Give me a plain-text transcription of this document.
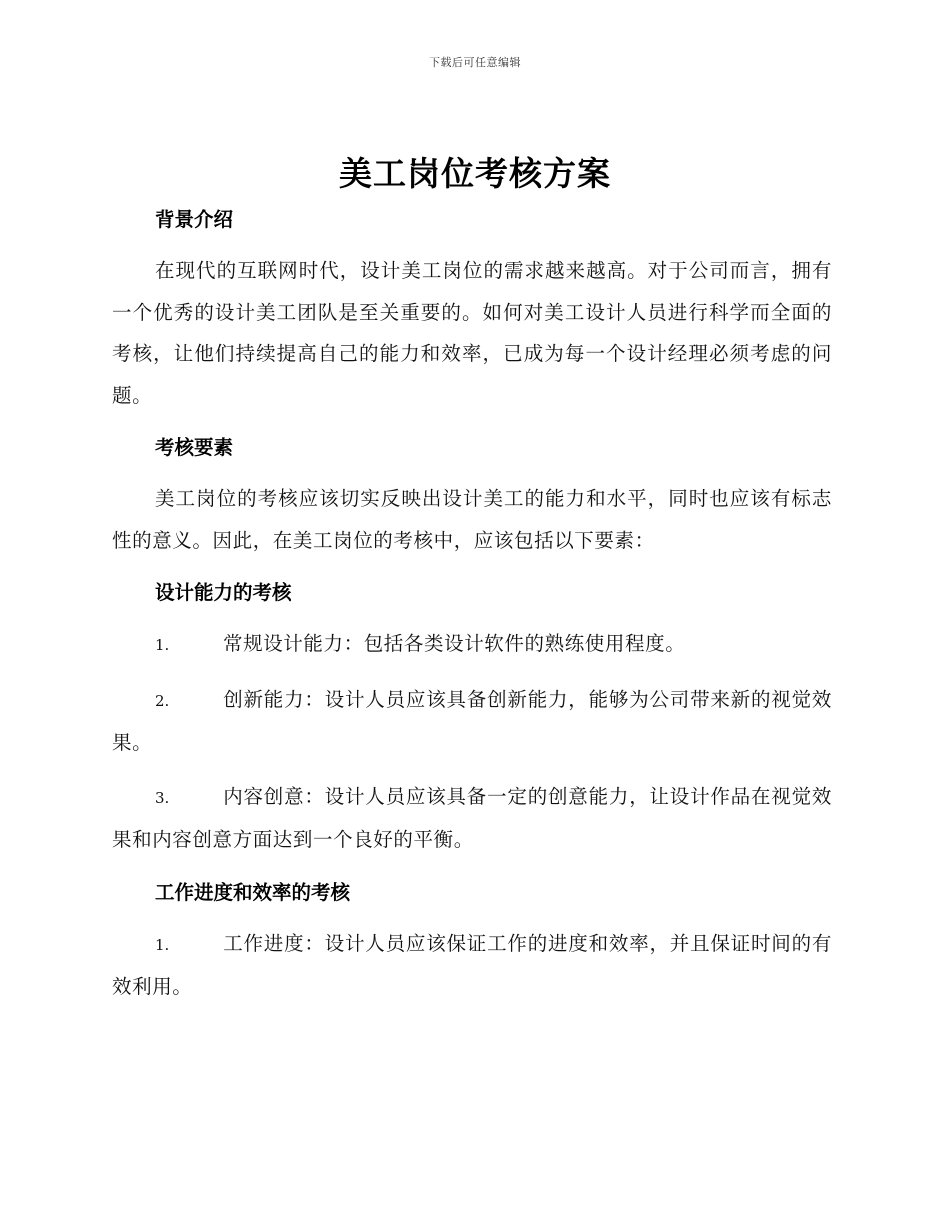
下载后可任意编辑
美工岗位考核方案
背景介绍

在现代的互联网时代，设计美工岗位的需求越来越高。对于公司而言，拥有一个优秀的设计美工团队是至关重要的。如何对美工设计人员进行科学而全面的考核，让他们持续提高自己的能力和效率，已成为每一个设计经理必须考虑的问题。

考核要素

美工岗位的考核应该切实反映出设计美工的能力和水平，同时也应该有标志性的意义。因此，在美工岗位的考核中，应该包括以下要素：

设计能力的考核

1.	常规设计能力：包括各类设计软件的熟练使用程度。

2.	创新能力：设计人员应该具备创新能力，能够为公司带来新的视觉效果。

3.	内容创意：设计人员应该具备一定的创意能力，让设计作品在视觉效果和内容创意方面达到一个良好的平衡。

工作进度和效率的考核

1.	工作进度：设计人员应该保证工作的进度和效率，并且保证时间的有效利用。
